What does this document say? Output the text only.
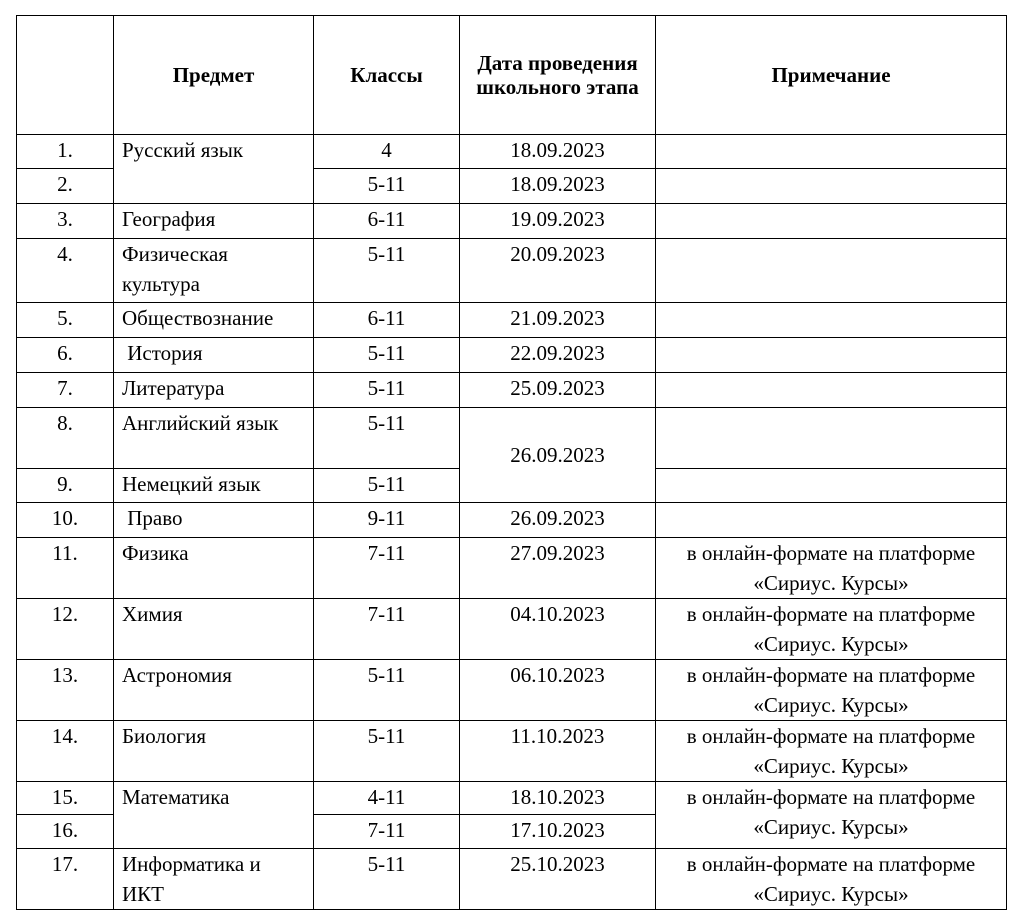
	Предмет	Классы	Дата проведения школьного этапа	Примечание
1.	Русский язык	4	18.09.2023	
2.		5-11	18.09.2023	
3.	География	6-11	19.09.2023	
4.	Физическая культура	5-11	20.09.2023	
5.	Обществознание	6-11	21.09.2023	
6.	История	5-11	22.09.2023	
7.	Литература	5-11	25.09.2023	
8.	Английский язык	5-11	26.09.2023	
9.	Немецкий язык	5-11		
10.	Право	9-11	26.09.2023	
11.	Физика	7-11	27.09.2023	в онлайн-формате на платформе «Сириус. Курсы»
12.	Химия	7-11	04.10.2023	в онлайн-формате на платформе «Сириус. Курсы»
13.	Астрономия	5-11	06.10.2023	в онлайн-формате на платформе «Сириус. Курсы»
14.	Биология	5-11	11.10.2023	в онлайн-формате на платформе «Сириус. Курсы»
15.	Математика	4-11	18.10.2023	в онлайн-формате на платформе «Сириус. Курсы»
16.		7-11	17.10.2023	
17.	Информатика и ИКТ	5-11	25.10.2023	в онлайн-формате на платформе «Сириус. Курсы»
